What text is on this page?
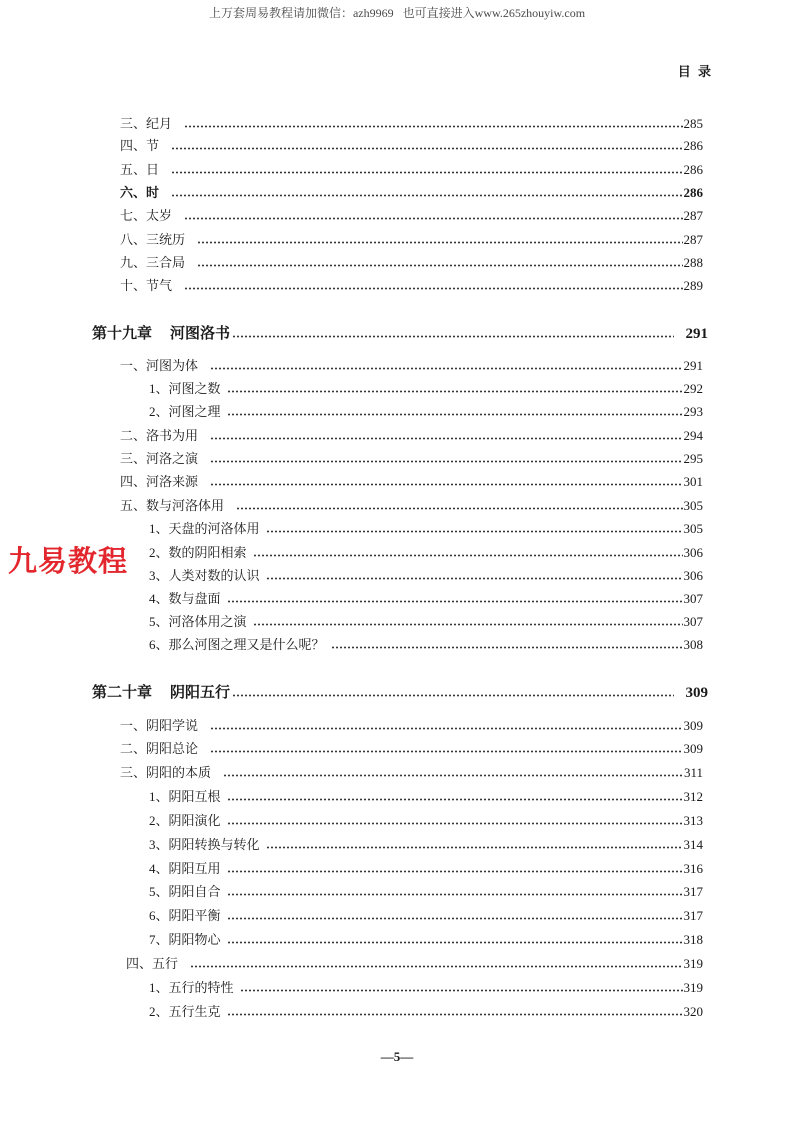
上万套周易教程请加微信：azh9969   也可直接进入www.265zhouyiw.com
目 录
九易教程
三、纪月	285
四、节	286
五、日	286
六、时	286
七、太岁	287
八、三统历	287
九、三合局	288
十、节气	289
第十九章 河图洛书	291
一、河图为体	291
1、河图之数	292
2、河图之理	293
二、洛书为用	294
三、河洛之演	295
四、河洛来源	301
五、数与河洛体用	305
1、天盘的河洛体用	305
2、数的阴阳相索	306
3、人类对数的认识	306
4、数与盘面	307
5、河洛体用之演	307
6、那么河图之理又是什么呢？	308
第二十章 阴阳五行	309
一、阴阳学说	309
二、阴阳总论	309
三、阴阳的本质	311
1、阴阳互根	312
2、阴阳演化	313
3、阴阳转换与转化	314
4、阴阳互用	316
5、阴阳自合	317
6、阴阳平衡	317
7、阴阳物心	318
四、五行	319
1、五行的特性	319
2、五行生克	320
—5—
